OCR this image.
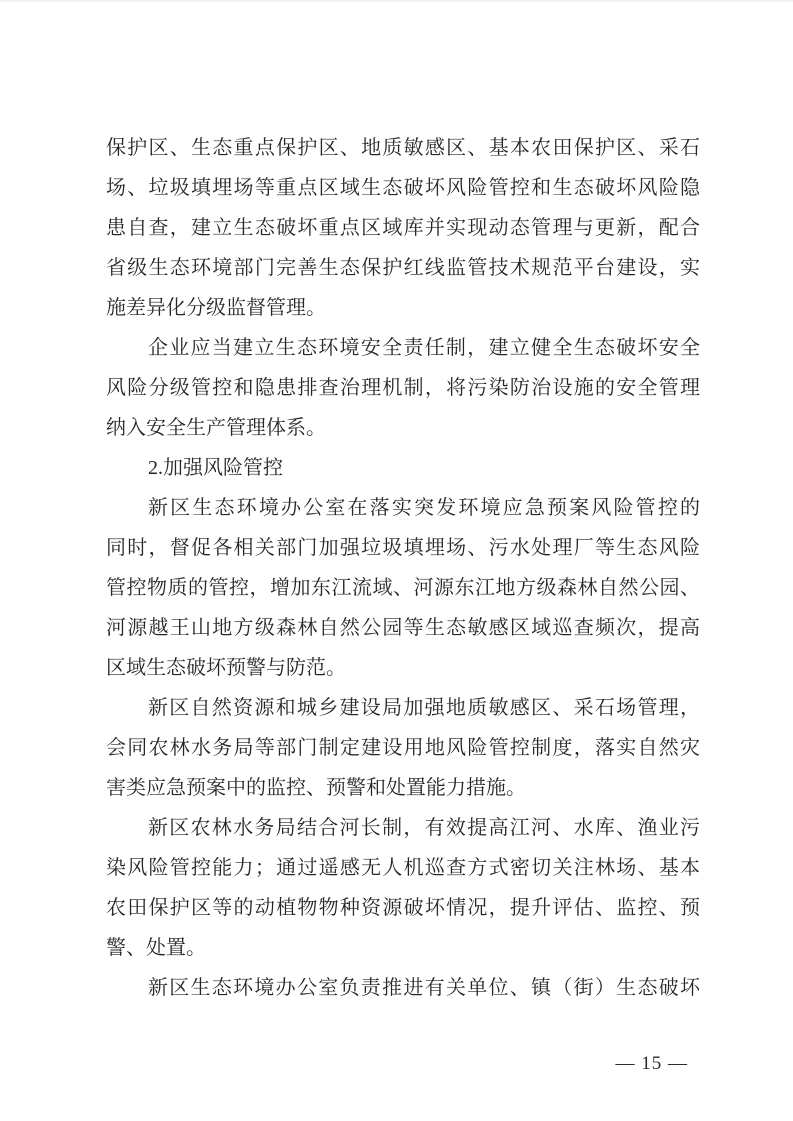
保护区、生态重点保护区、地质敏感区、基本农田保护区、采石
场、垃圾填埋场等重点区域生态破坏风险管控和生态破坏风险隐
患自查，建立生态破坏重点区域库并实现动态管理与更新，配合
省级生态环境部门完善生态保护红线监管技术规范平台建设，实
施差异化分级监督管理。
企业应当建立生态环境安全责任制，建立健全生态破坏安全
风险分级管控和隐患排查治理机制，将污染防治设施的安全管理
纳入安全生产管理体系。
2.加强风险管控
新区生态环境办公室在落实突发环境应急预案风险管控的
同时，督促各相关部门加强垃圾填埋场、污水处理厂等生态风险
管控物质的管控，增加东江流域、河源东江地方级森林自然公园、
河源越王山地方级森林自然公园等生态敏感区域巡查频次，提高
区域生态破坏预警与防范。
新区自然资源和城乡建设局加强地质敏感区、采石场管理，
会同农林水务局等部门制定建设用地风险管控制度，落实自然灾
害类应急预案中的监控、预警和处置能力措施。
新区农林水务局结合河长制，有效提高江河、水库、渔业污
染风险管控能力；通过遥感无人机巡查方式密切关注林场、基本
农田保护区等的动植物物种资源破坏情况，提升评估、监控、预
警、处置。
新区生态环境办公室负责推进有关单位、镇（街）生态破坏
— 15 —
